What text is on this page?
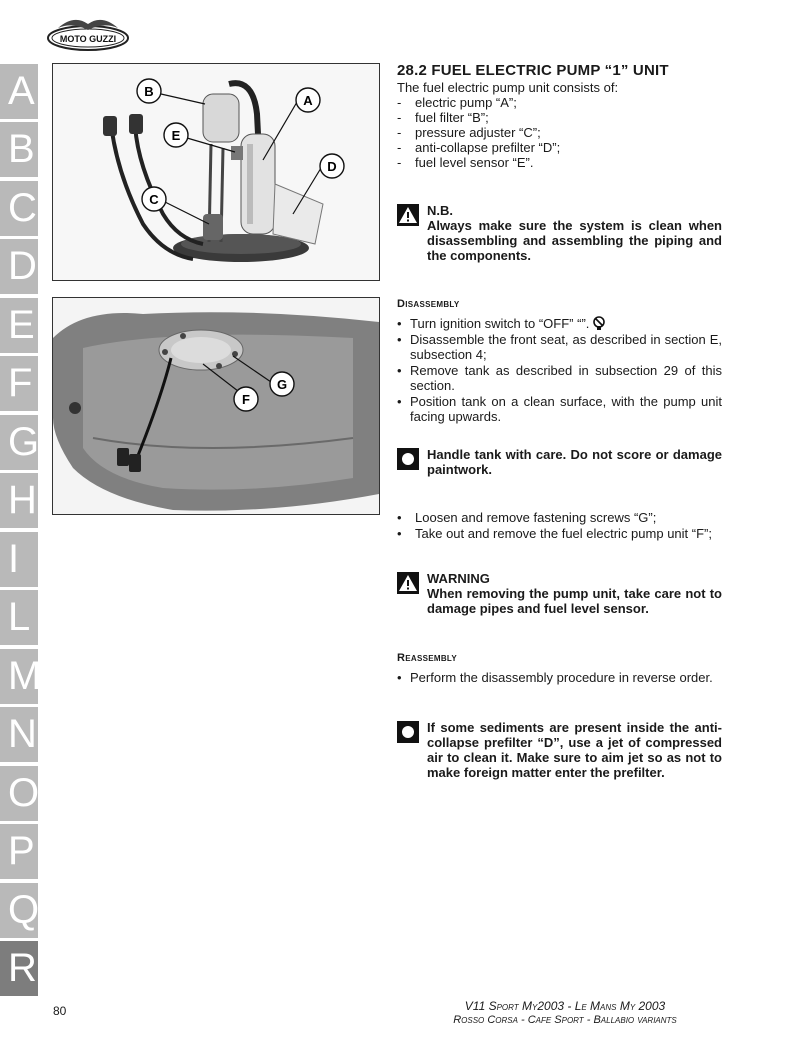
MOTO GUZZI
A
B
C
D
E
F
G
H
I
L
M
N
O
P
Q
R
B
A
E
D
C
G
F
28.2 FUEL ELECTRIC PUMP “1” UNIT

The fuel electric pump unit consists of:

- electric pump “A”;
- fuel filter “B”;
- pressure adjuster “C”;
- anti-collapse prefilter “D”;
- fuel level sensor “E”.
N.B.
Always make sure the system is clean when disassembling and assembling the piping and the components.
Disassembly
• Turn ignition switch to “OFF” “”.
• Disassemble the front seat, as described in section E, subsection 4;
• Remove tank as described in subsection 29 of this section.
• Position tank on a clean surface, with the pump unit facing upwards.
Handle tank with care. Do not score or damage paintwork.
• Loosen and remove fastening screws “G”;
• Take out and remove the fuel electric pump unit “F”;
WARNING
When removing the pump unit, take care not to damage pipes and fuel level sensor.
Reassembly
• Perform the disassembly procedure in reverse order.
If some sediments are present inside the anti-collapse prefilter “D”, use a jet of compressed air to clean it. Make sure to aim jet so as not to make foreign matter enter the prefilter.
80	V11 Sport My2003 - Le Mans My 2003
Rosso Corsa - Cafe Sport - Ballabio variants
